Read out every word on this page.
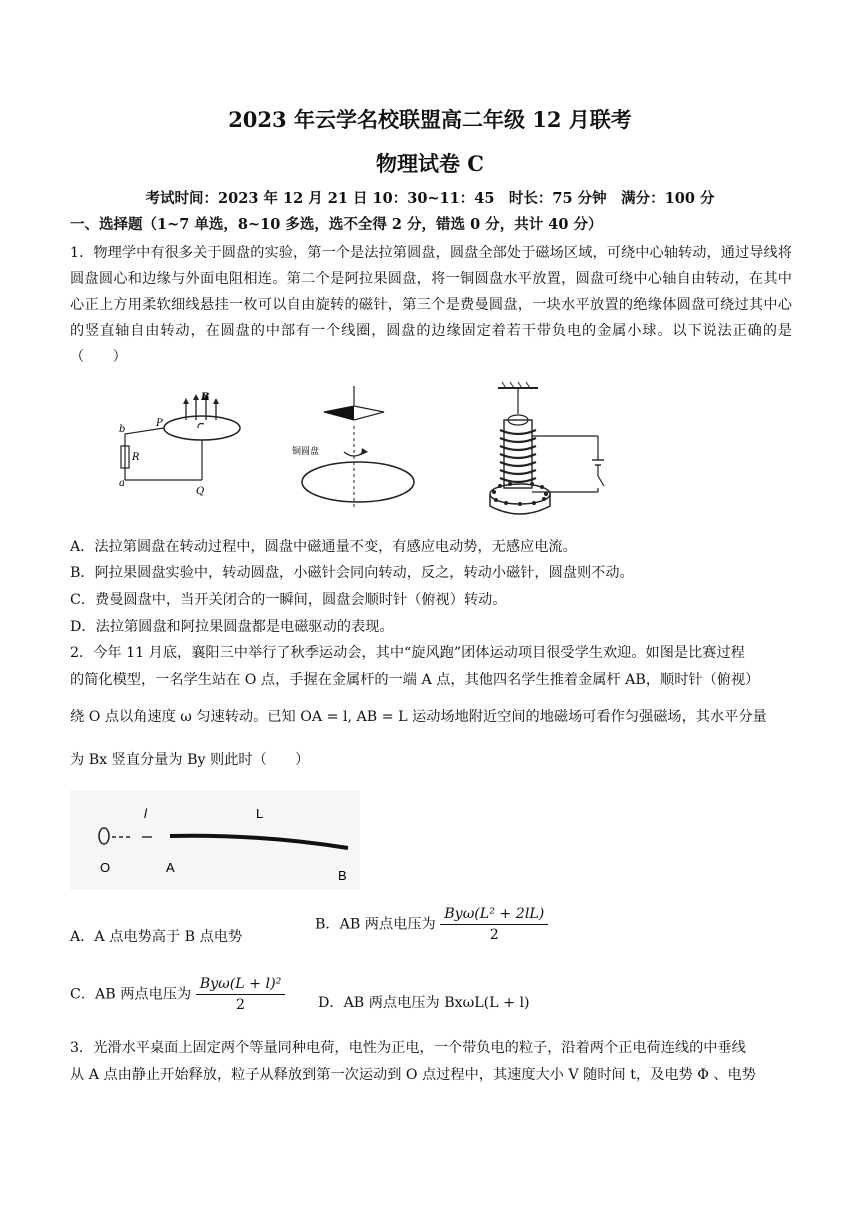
2023 年云学名校联盟高二年级 12 月联考
物理试卷 C
考试时间：2023 年 12 月 21 日 10：30~11：45　时长：75 分钟　满分：100 分
一、选择题（1~7 单选，8~10 多选，选不全得 2 分，错选 0 分，共计 40 分）
1．物理学中有很多关于圆盘的实验，第一个是法拉第圆盘，圆盘全部处于磁场区域，可绕中心轴转动，通过导线将圆盘圆心和边缘与外面电阻相连。第二个是阿拉果圆盘，将一铜圆盘水平放置，圆盘可绕中心轴自由转动，在其中心正上方用柔软细线悬挂一枚可以自由旋转的磁针，第三个是费曼圆盘，一块水平放置的绝缘体圆盘可绕过其中心的竖直轴自由转动，在圆盘的中部有一个线圈，圆盘的边缘固定着若干带负电的金属小球。以下说法正确的是（　　）
b
P
B
R
a
Q
铜圆盘
A．法拉第圆盘在转动过程中，圆盘中磁通量不变，有感应电动势，无感应电流。
B．阿拉果圆盘实验中，转动圆盘，小磁针会同向转动，反之，转动小磁针，圆盘则不动。
C．费曼圆盘中，当开关闭合的一瞬间，圆盘会顺时针（俯视）转动。
D．法拉第圆盘和阿拉果圆盘都是电磁驱动的表现。
2．今年 11 月底，襄阳三中举行了秋季运动会，其中“旋风跑”团体运动项目很受学生欢迎。如图是比赛过程
的简化模型，一名学生站在 O 点，手握在金属杆的一端 A 点，其他四名学生推着金属杆 AB，顺时针（俯视）
绕 O 点以角速度 ω 匀速转动。已知 OA = l, AB = L 运动场地附近空间的地磁场可看作匀强磁场，其水平分量
为 Bx 竖直分量为 By 则此时（　　）
O	A
B
l	L
A．A 点电势高于 B 点电势
B．AB 两点电压为 $\frac{\text{Byω(L² + 2lL)}}{2}$
C．AB 两点电压为 $\frac{\text{Byω(L + l)²}}{2}$ D．AB 两点电压为 BxωL(L + l)
3．光滑水平桌面上固定两个等量同种电荷，电性为正电，一个带负电的粒子，沿着两个正电荷连线的中垂线
从 A 点由静止开始释放，粒子从释放到第一次运动到 O 点过程中，其速度大小 V 随时间 t，及电势 Φ 、电势
